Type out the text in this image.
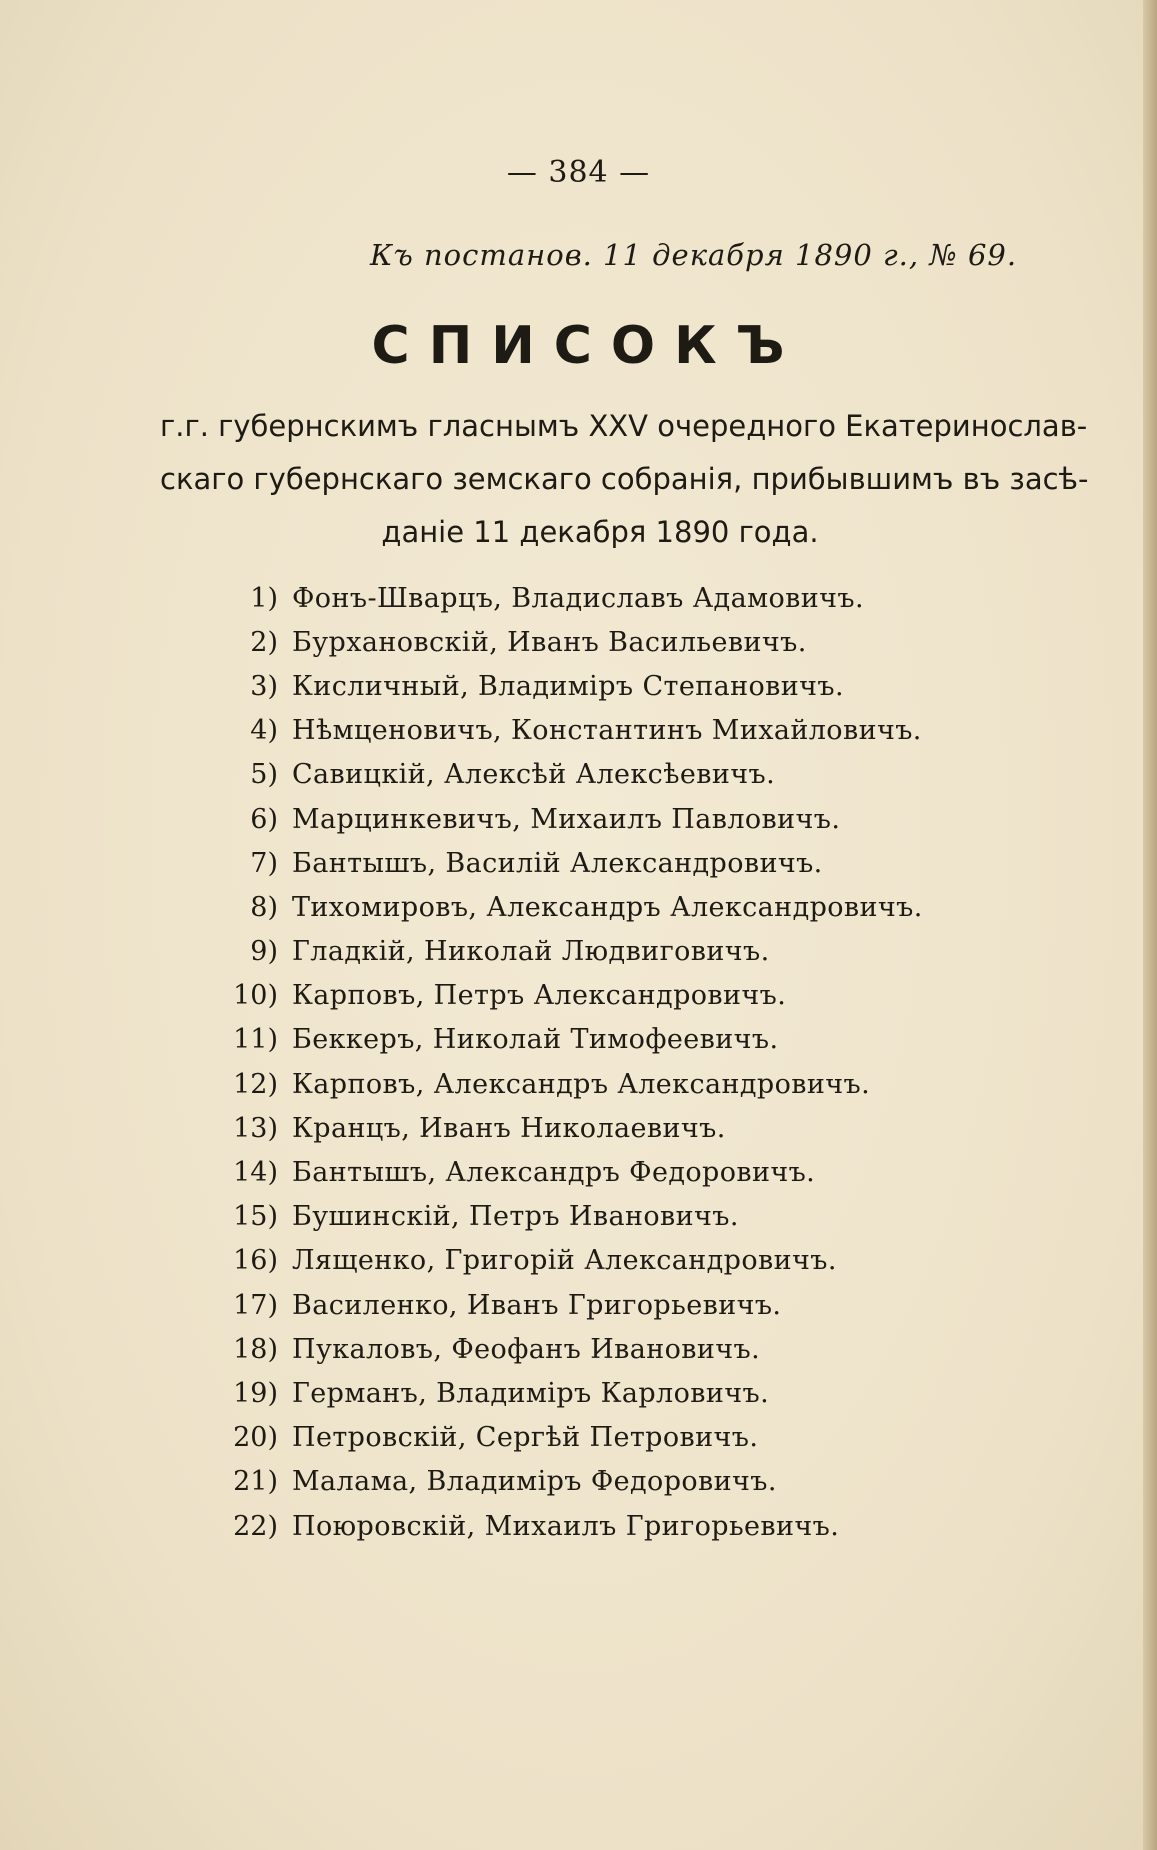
— 384 —
Къ постанов. 11 декабря 1890 г., № 69.
СПИСОКЪ
г.г. губернскимъ гласнымъ XXV очередного Екатеринослав-
скаго губернскаго земскаго собранія, прибывшимъ въ засѣ-
даніе 11 декабря 1890 года.
1) Фонъ-Шварцъ, Владиславъ Адамовичъ.
2) Бурхановскій, Иванъ Васильевичъ.
3) Кисличный, Владиміръ Степановичъ.
4) Нѣмценовичъ, Константинъ Михайловичъ.
5) Савицкій, Алексѣй Алексѣевичъ.
6) Марцинкевичъ, Михаилъ Павловичъ.
7) Бантышъ, Василій Александровичъ.
8) Тихомировъ, Александръ Александровичъ.
9) Гладкій, Николай Людвиговичъ.
10) Карповъ, Петръ Александровичъ.
11) Беккеръ, Николай Тимофеевичъ.
12) Карповъ, Александръ Александровичъ.
13) Кранцъ, Иванъ Николаевичъ.
14) Бантышъ, Александръ Федоровичъ.
15) Бушинскій, Петръ Ивановичъ.
16) Лященко, Григорій Александровичъ.
17) Василенко, Иванъ Григорьевичъ.
18) Пукаловъ, Феофанъ Ивановичъ.
19) Германъ, Владиміръ Карловичъ.
20) Петровскій, Сергѣй Петровичъ.
21) Малама, Владиміръ Федоровичъ.
22) Поюровскій, Михаилъ Григорьевичъ.
